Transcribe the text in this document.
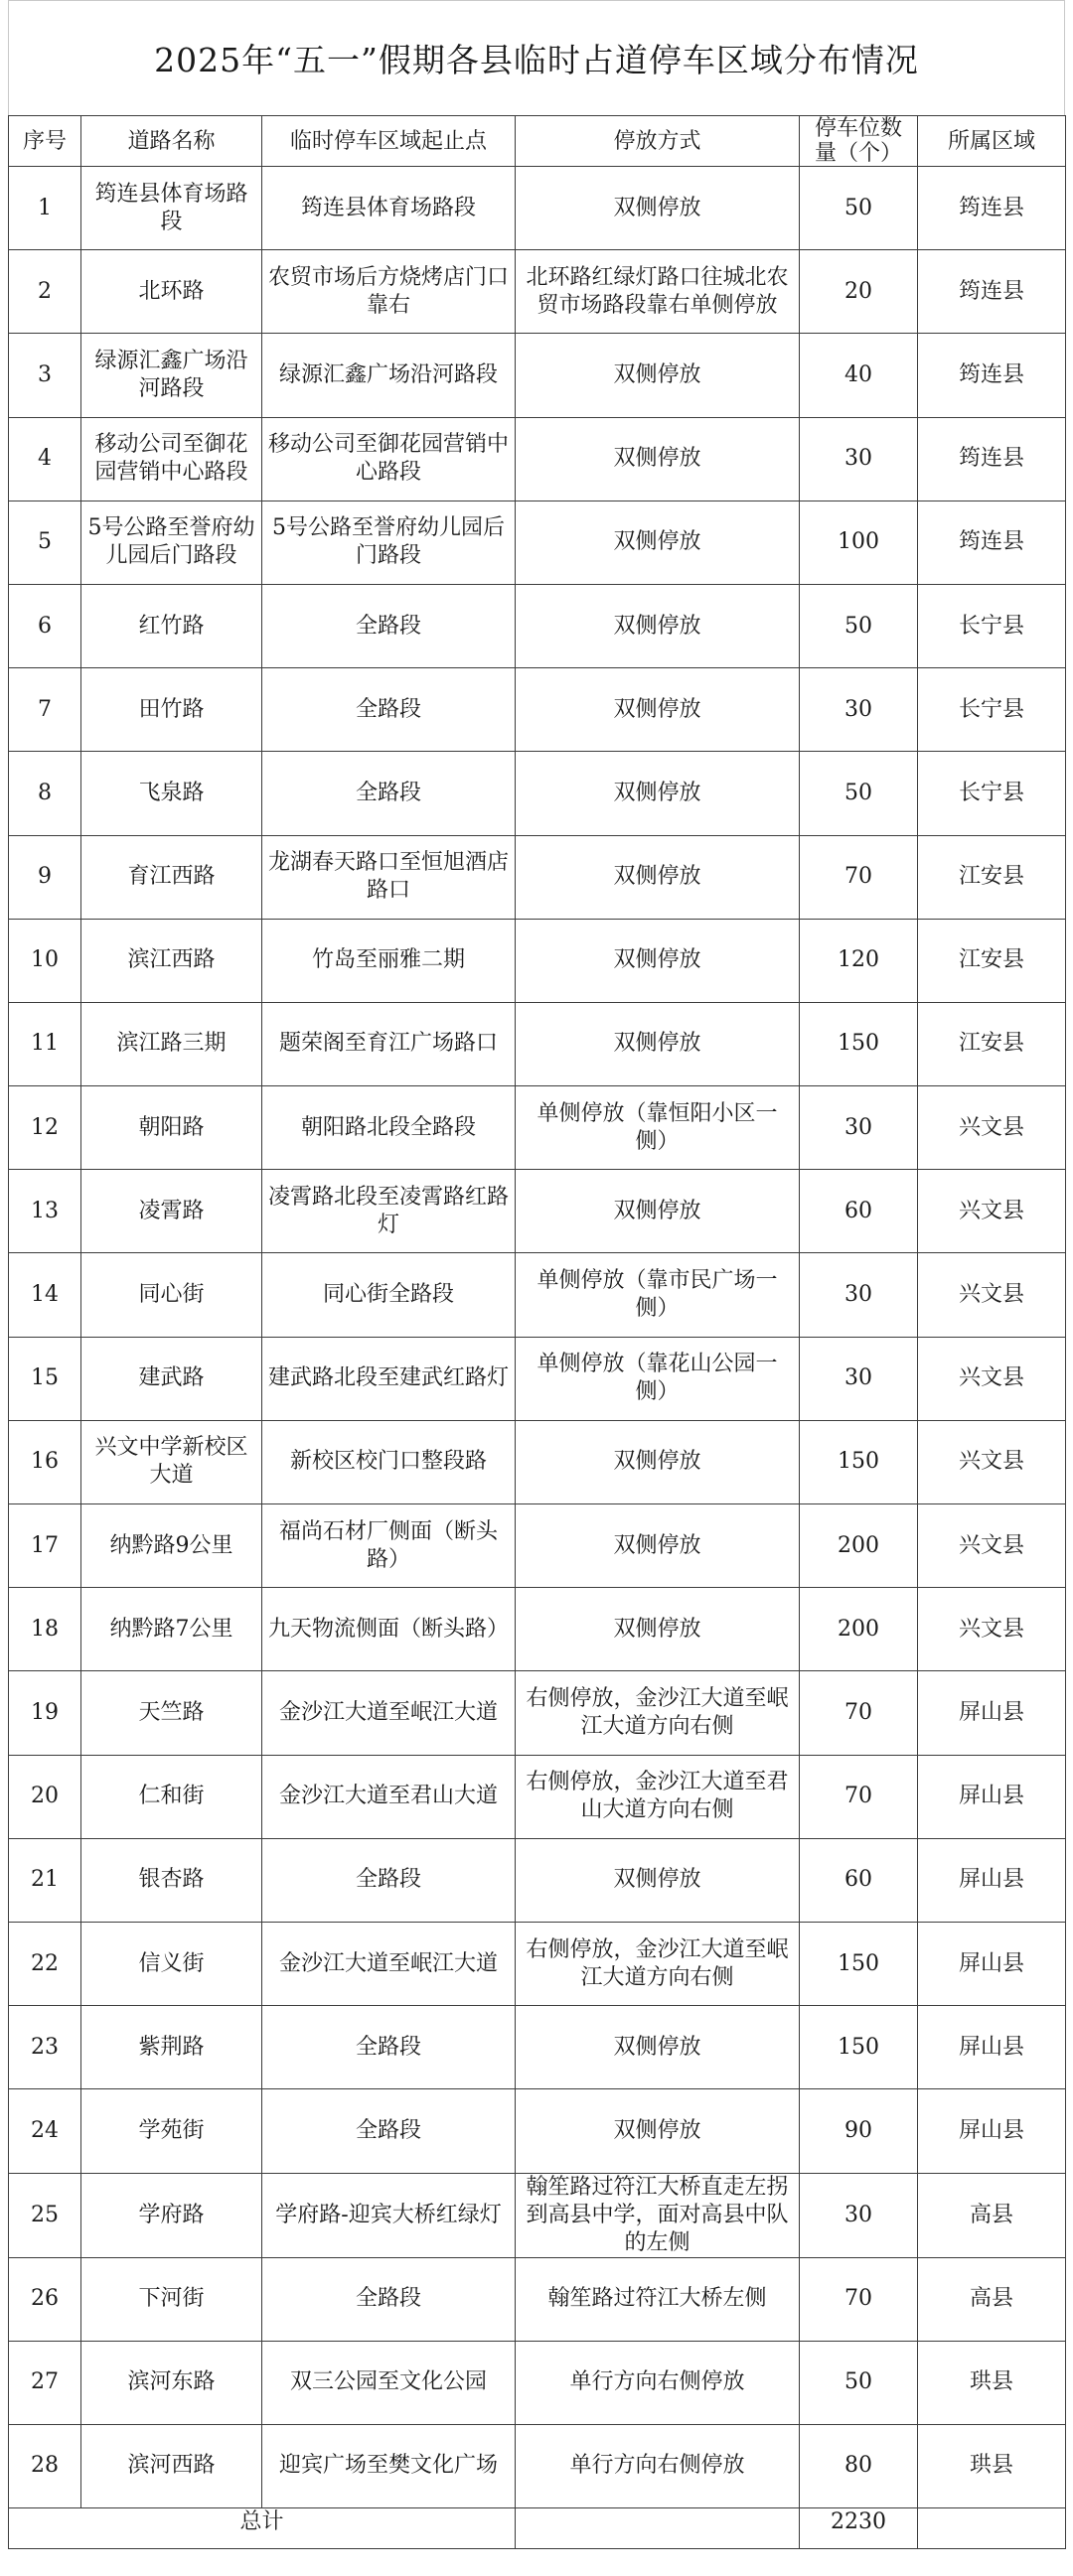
2025年“五一”假期各县临时占道停车区域分布情况
序号	道路名称	临时停车区域起止点	停放方式	停车位数量（个）	所属区域
1	筠连县体育场路段	筠连县体育场路段	双侧停放	50	筠连县
2	北环路	农贸市场后方烧烤店门口靠右	北环路红绿灯路口往城北农贸市场路段靠右单侧停放	20	筠连县
3	绿源汇鑫广场沿河路段	绿源汇鑫广场沿河路段	双侧停放	40	筠连县
4	移动公司至御花园营销中心路段	移动公司至御花园营销中心路段	双侧停放	30	筠连县
5	5号公路至誉府幼儿园后门路段	5号公路至誉府幼儿园后门路段	双侧停放	100	筠连县
6	红竹路	全路段	双侧停放	50	长宁县
7	田竹路	全路段	双侧停放	30	长宁县
8	飞泉路	全路段	双侧停放	50	长宁县
9	育江西路	龙湖春天路口至恒旭酒店路口	双侧停放	70	江安县
10	滨江西路	竹岛至丽雅二期	双侧停放	120	江安县
11	滨江路三期	题荣阁至育江广场路口	双侧停放	150	江安县
12	朝阳路	朝阳路北段全路段	单侧停放（靠恒阳小区一侧）	30	兴文县
13	凌霄路	凌霄路北段至凌霄路红路灯	双侧停放	60	兴文县
14	同心街	同心街全路段	单侧停放（靠市民广场一侧）	30	兴文县
15	建武路	建武路北段至建武红路灯	单侧停放（靠花山公园一侧）	30	兴文县
16	兴文中学新校区大道	新校区校门口整段路	双侧停放	150	兴文县
17	纳黔路9公里	福尚石材厂侧面（断头路）	双侧停放	200	兴文县
18	纳黔路7公里	九天物流侧面（断头路）	双侧停放	200	兴文县
19	天竺路	金沙江大道至岷江大道	右侧停放，金沙江大道至岷江大道方向右侧	70	屏山县
20	仁和街	金沙江大道至君山大道	右侧停放，金沙江大道至君山大道方向右侧	70	屏山县
21	银杏路	全路段	双侧停放	60	屏山县
22	信义街	金沙江大道至岷江大道	右侧停放，金沙江大道至岷江大道方向右侧	150	屏山县
23	紫荆路	全路段	双侧停放	150	屏山县
24	学苑街	全路段	双侧停放	90	屏山县
25	学府路	学府路-迎宾大桥红绿灯	翰笙路过符江大桥直走左拐到高县中学，面对高县中队的左侧	30	高县
26	下河街	全路段	翰笙路过符江大桥左侧	70	高县
27	滨河东路	双三公园至文化公园	单行方向右侧停放	50	珙县
28	滨河西路	迎宾广场至樊文化广场	单行方向右侧停放	80	珙县
总计				2230	
